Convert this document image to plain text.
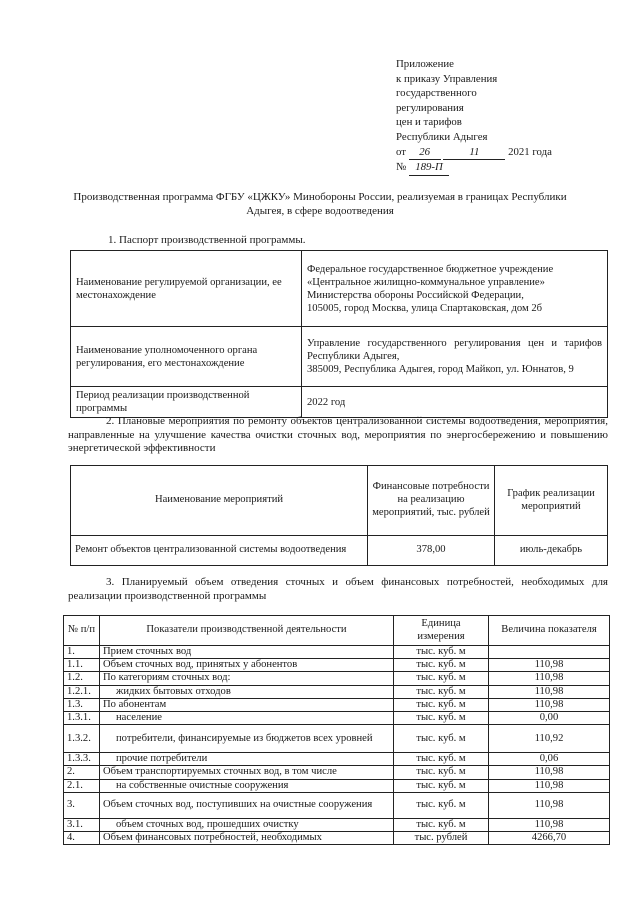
Приложение
к приказу Управления
государственного
регулирования
цен и тарифов
Республики Адыгея
от 26	11	2021 года
№ 189-П
Производственная программа ФГБУ «ЦЖКУ» Минобороны России, реализуемая в границах Республики Адыгея, в сфере водоотведения
1. Паспорт производственной программы.
Наименование регулируемой организации, ее местонахождение	Федеральное государственное бюджетное учреждение «Центральное жилищно-коммунальное управление» Министерства обороны Российской Федерации,
105005, город Москва, улица Спартаковская, дом 2б

Наименование уполномоченного органа регулирования, его местонахождение	Управление государственного регулирования цен и тарифов Республики Адыгея,
385009, Республика Адыгея, город Майкоп, ул. Юннатов, 9

Период реализации производственной программы	2022 год
2. Плановые мероприятия по ремонту объектов централизованной системы водоотведения, мероприятия, направленные на улучшение качества очистки сточных вод, мероприятия по энергосбережению и повышению энергетической эффективности
Наименование мероприятий	Финансовые потребности на реализацию мероприятий, тыс. рублей	График реализации мероприятий
Ремонт объектов централизованной системы водоотведения	378,00	июль-декабрь
3. Планируемый объем отведения сточных и объем финансовых потребностей, необходимых для реализации производственной программы
№ п/п	Показатели производственной деятельности	Единица измерения	Величина показателя
1.	Прием сточных вод	тыс. куб. м	
1.1.	Объем сточных вод, принятых у абонентов	тыс. куб. м	110,98
1.2.	По категориям сточных вод:	тыс. куб. м	110,98
1.2.1.	жидких бытовых отходов	тыс. куб. м	110,98
1.3.	По абонентам	тыс. куб. м	110,98
1.3.1.	население	тыс. куб. м	0,00
1.3.2.	потребители, финансируемые из бюджетов всех уровней	тыс. куб. м	110,92
1.3.3.	прочие потребители	тыс. куб. м	0,06
2.	Объем транспортируемых сточных вод, в том числе	тыс. куб. м	110,98
2.1.	на собственные очистные сооружения	тыс. куб. м	110,98
3.	Объем сточных вод, поступивших на очистные сооружения	тыс. куб. м	110,98
3.1.	объем сточных вод, прошедших очистку	тыс. куб. м	110,98
4.	Объем финансовых потребностей, необходимых	тыс. рублей	4266,70
